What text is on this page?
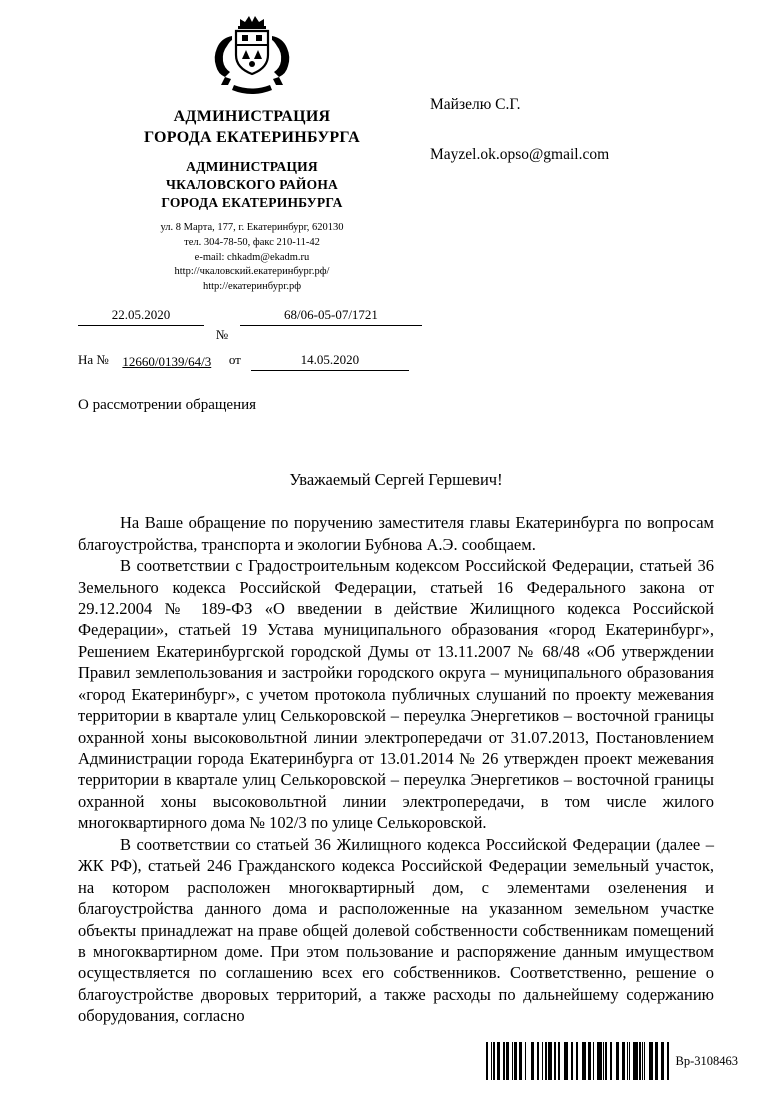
АДМИНИСТРАЦИЯ
ГОРОДА ЕКАТЕРИНБУРГА
АДМИНИСТРАЦИЯ
ЧКАЛОВСКОГО РАЙОНА
ГОРОДА ЕКАТЕРИНБУРГА
ул. 8 Марта, 177, г. Екатеринбург, 620130
тел. 304-78-50, факс 210-11-42
e-mail: chkadm@ekadm.ru
http://чкаловский.екатеринбург.рф/
http://екатеринбург.рф
22.05.2020	68/06-05-07/1721
№
На №	12660/0139/64/3	от	14.05.2020
Майзелю С.Г.
Mayzel.ok.opso@gmail.com
О рассмотрении обращения
Уважаемый Сергей Гершевич!

На Ваше обращение по поручению заместителя главы Екатеринбурга по вопросам благоустройства, транспорта и экологии Бубнова А.Э. сообщаем.

В соответствии с Градостроительным кодексом Российской Федерации, статьей 36 Земельного кодекса Российской Федерации, статьей 16 Федерального закона от 29.12.2004 № 189-ФЗ «О введении в действие Жилищного кодекса Российской Федерации», статьей 19 Устава муниципального образования «город Екатеринбург», Решением Екатеринбургской городской Думы от 13.11.2007 № 68/48 «Об утверждении Правил землепользования и застройки городского округа – муниципального образования «город Екатеринбург», с учетом протокола публичных слушаний по проекту межевания территории в квартале улиц Селькоровской – переулка Энергетиков – восточной границы охранной хоны высоковольтной линии электропередачи от 31.07.2013, Постановлением Администрации города Екатеринбурга от 13.01.2014 № 26 утвержден проект межевания территории в квартале улиц Селькоровской – переулка Энергетиков – восточной границы охранной хоны высоковольтной линии электропередачи, в том числе жилого многоквартирного дома № 102/3 по улице Селькоровской.

В соответствии со статьей 36 Жилищного кодекса Российской Федерации (далее – ЖК РФ), статьей 246 Гражданского кодекса Российской Федерации земельный участок, на котором расположен многоквартирный дом, с элементами озеленения и благоустройства данного дома и расположенные на указанном земельном участке объекты принадлежат на праве общей долевой собственности собственникам помещений в многоквартирном доме. При этом пользование и распоряжение данным имуществом осуществляется по соглашению всех его собственников. Соответственно, решение о благоустройстве дворовых территорий, а также расходы по дальнейшему содержанию оборудования, согласно

Вр-3108463
